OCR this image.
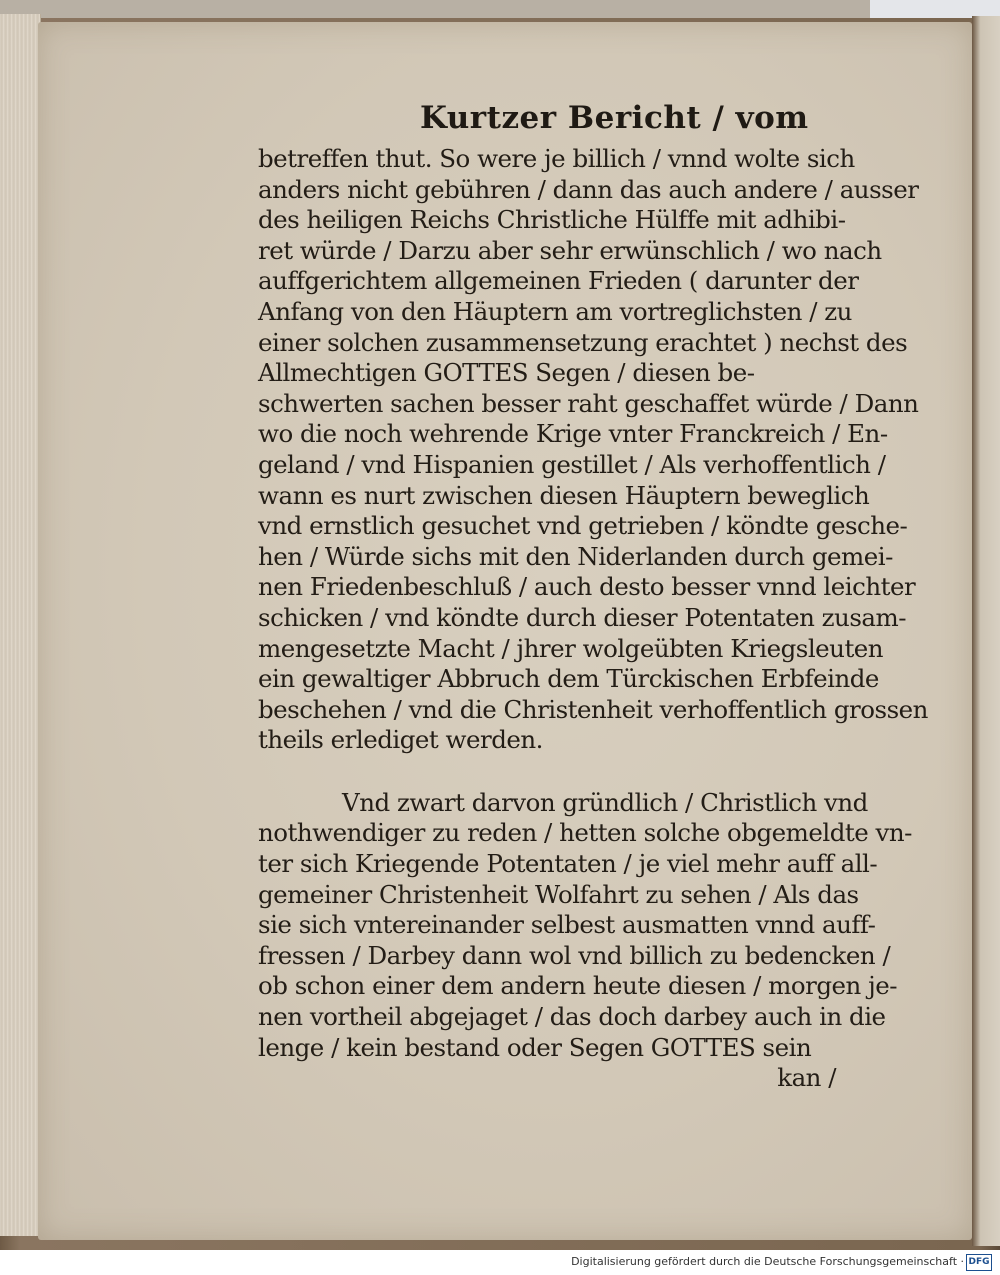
Kurtzer Bericht / vom
betreffen thut. So were je billich / vnnd wolte sich
anders nicht gebühren / dann das auch andere / ausser
des heiligen Reichs Christliche Hülffe mit adhibi-
ret würde / Darzu aber sehr erwünschlich / wo nach
auffgerichtem allgemeinen Frieden ( darunter der
Anfang von den Häuptern am vortreglichsten / zu
einer solchen zusammensetzung erachtet ) nechst des
Allmechtigen GOTTES Segen / diesen be-
schwerten sachen besser raht geschaffet würde / Dann
wo die noch wehrende Krige vnter Franckreich / En-
geland / vnd Hispanien gestillet / Als verhoffentlich /
wann es nurt zwischen diesen Häuptern beweglich
vnd ernstlich gesuchet vnd getrieben / köndte gesche-
hen / Würde sichs mit den Niderlanden durch gemei-
nen Friedenbeschluß / auch desto besser vnnd leichter
schicken / vnd köndte durch dieser Potentaten zusam-
mengesetzte Macht / jhrer wolgeübten Kriegsleuten
ein gewaltiger Abbruch dem Türckischen Erbfeinde
beschehen / vnd die Christenheit verhoffentlich grossen
theils erlediget werden.
Vnd zwart darvon gründlich / Christlich vnd
nothwendiger zu reden / hetten solche obgemeldte vn-
ter sich Kriegende Potentaten / je viel mehr auff all-
gemeiner Christenheit Wolfahrt zu sehen / Als das
sie sich vntereinander selbest ausmatten vnnd auff-
fressen / Darbey dann wol vnd billich zu bedencken /
ob schon einer dem andern heute diesen / morgen je-
nen vortheil abgejaget / das doch darbey auch in die
lenge / kein bestand oder Segen GOTTES sein
kan /
Digitalisierung gefördert durch die Deutsche Forschungsgemeinschaft · DFG
